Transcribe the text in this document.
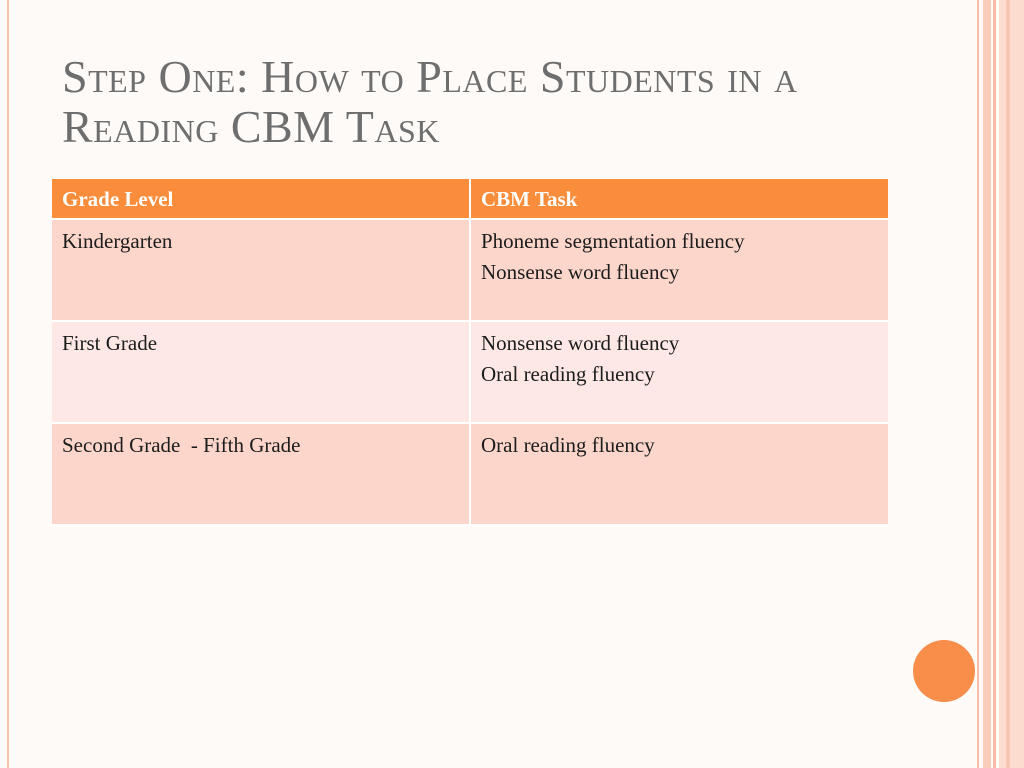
Step One: How to Place Students in a Reading CBM Task
Grade Level	CBM Task
Kindergarten	Phoneme segmentation fluency
Nonsense word fluency

First Grade	Nonsense word fluency
Oral reading fluency

Second Grade  - Fifth Grade	Oral reading fluency
